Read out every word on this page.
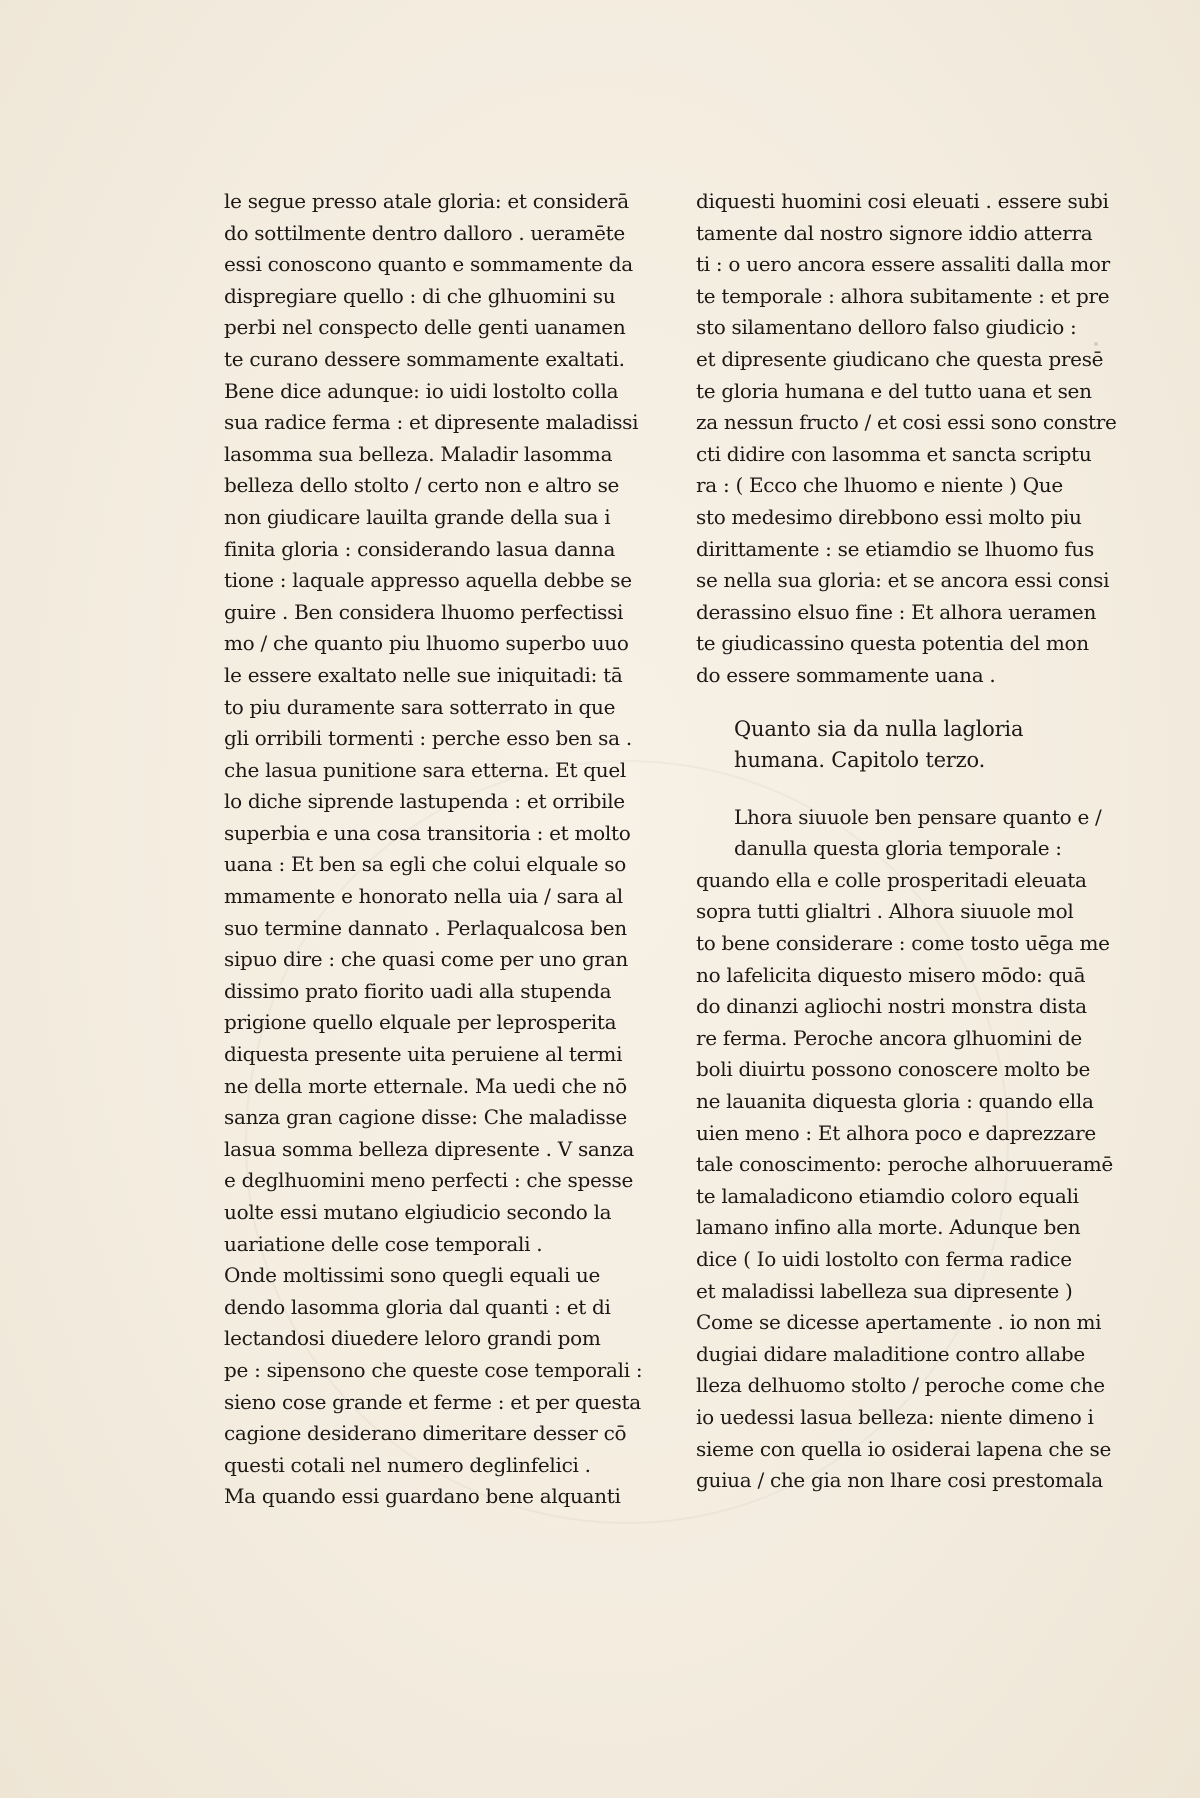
le segue presso atale gloria: et considerā
do sottilmente dentro dalloro . ueramēte
essi conoscono quanto e sommamente da
dispregiare quello : di che glhuomini su
perbi nel conspecto delle genti uanamen
te curano dessere sommamente exaltati.
Bene dice adunque: io uidi lostolto colla
sua radice ferma : et dipresente maladissi
lasomma sua belleza. Maladir lasomma
belleza dello stolto / certo non e altro se
non giudicare lauilta grande della sua i
finita gloria : considerando lasua danna
tione : laquale appresso aquella debbe se
guire . Ben considera lhuomo perfectissi
mo / che quanto piu lhuomo superbo uuo
le essere exaltato nelle sue iniquitadi: tā
to piu duramente sara sotterrato in que
gli orribili tormenti : perche esso ben sa .
che lasua punitione sara etterna. Et quel
lo diche siprende lastupenda : et orribile
superbia e una cosa transitoria : et molto
uana : Et ben sa egli che colui elquale so
mmamente e honorato nella uia / sara al
suo termine dannato . Perlaqualcosa ben
sipuo dire : che quasi come per uno gran
dissimo prato fiorito uadi alla stupenda
prigione quello elquale per leprosperita
diquesta presente uita peruiene al termi
ne della morte etternale. Ma uedi che nō
sanza gran cagione disse: Che maladisse
lasua somma belleza dipresente . V sanza
e deglhuomini meno perfecti : che spesse
uolte essi mutano elgiudicio secondo la
uariatione delle cose temporali .
Onde moltissimi sono quegli equali ue
dendo lasomma gloria dal quanti : et di
lectandosi diuedere leloro grandi pom
pe : sipensono che queste cose temporali :
sieno cose grande et ferme : et per questa
cagione desiderano dimeritare desser cō
questi cotali nel numero deglinfelici .
Ma quando essi guardano bene alquanti
diquesti huomini cosi eleuati . essere subi
tamente dal nostro signore iddio atterra
ti : o uero ancora essere assaliti dalla mor
te temporale : alhora subitamente : et pre
sto silamentano delloro falso giudicio :
et dipresente giudicano che questa presē
te gloria humana e del tutto uana et sen
za nessun fructo / et cosi essi sono constre
cti didire con lasomma et sancta scriptu
ra : ( Ecco che lhuomo e niente ) Que
sto medesimo direbbono essi molto piu
dirittamente : se etiamdio se lhuomo fus
se nella sua gloria: et se ancora essi consi
derassino elsuo fine : Et alhora ueramen
te giudicassino questa potentia del mon
do essere sommamente uana .
Quanto sia da nulla lagloria
humana. Capitolo terzo.
Lhora siuuole ben pensare quanto e /
danulla questa gloria temporale :
quando ella e colle prosperitadi eleuata
sopra tutti glialtri . Alhora siuuole mol
to bene considerare : come tosto uēga me
no lafelicita diquesto misero mōdo: quā
do dinanzi agliochi nostri monstra dista
re ferma. Peroche ancora glhuomini de
boli diuirtu possono conoscere molto be
ne lauanita diquesta gloria : quando ella
uien meno : Et alhora poco e daprezzare
tale conoscimento: peroche alhoruueramē
te lamaladicono etiamdio coloro equali
lamano infino alla morte. Adunque ben
dice ( Io uidi lostolto con ferma radice
et maladissi labelleza sua dipresente )
Come se dicesse apertamente . io non mi
dugiai didare maladitione contro allabe
lleza delhuomo stolto / peroche come che
io uedessi lasua belleza: niente dimeno i
sieme con quella io osiderai lapena che se
guiua / che gia non lhare cosi prestomala
